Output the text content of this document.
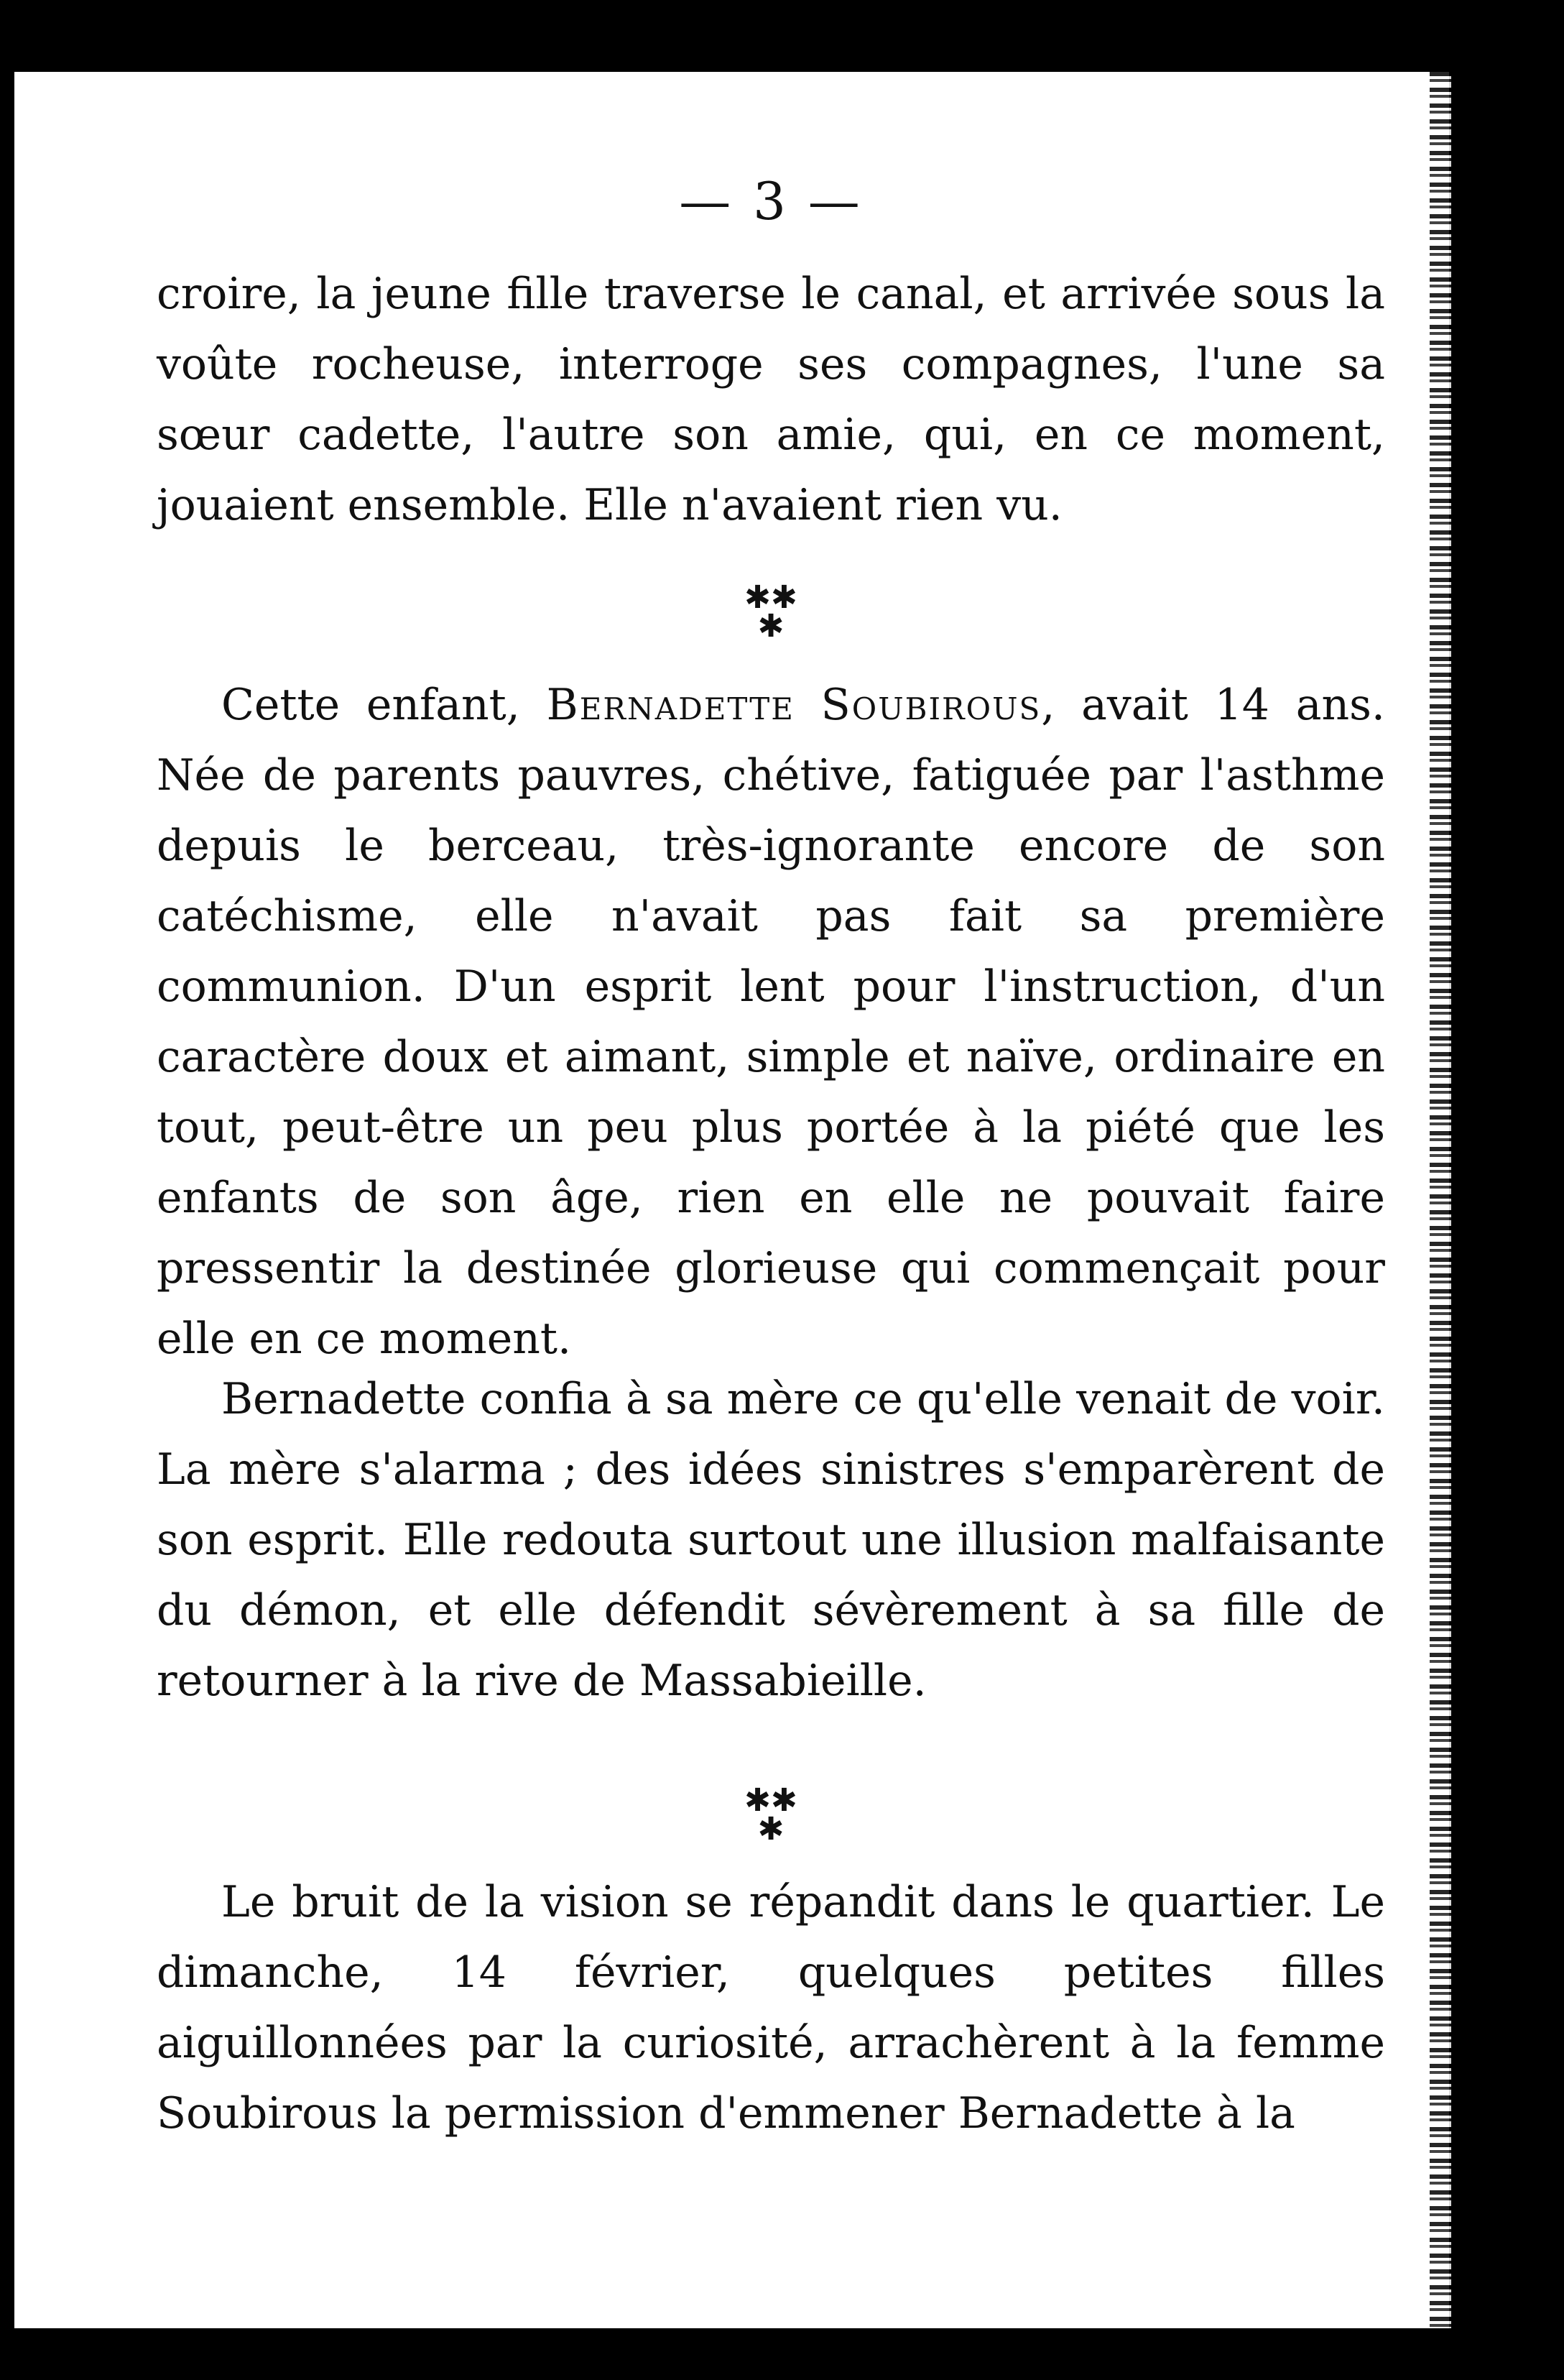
— 3 —

croire, la jeune fille traverse le canal, et arrivée sous la voûte rocheuse, interroge ses compagnes, l'une sa sœur cadette, l'autre son amie, qui, en ce moment, jouaient ensemble. Elle n'avaient rien vu.

✱✱
✱

Cette enfant, Bernadette Soubirous, avait 14 ans. Née de parents pauvres, chétive, fatiguée par l'asthme depuis le berceau, très-ignorante encore de son catéchisme, elle n'avait pas fait sa première communion. D'un esprit lent pour l'instruction, d'un caractère doux et aimant, simple et naïve, ordinaire en tout, peut-être un peu plus portée à la piété que les enfants de son âge, rien en elle ne pouvait faire pressentir la destinée glorieuse qui commençait pour elle en ce moment.

Bernadette confia à sa mère ce qu'elle venait de voir. La mère s'alarma ; des idées sinistres s'emparèrent de son esprit. Elle redouta surtout une illusion malfaisante du démon, et elle défendit sévèrement à sa fille de retourner à la rive de Massabieille.

✱✱
✱

Le bruit de la vision se répandit dans le quartier. Le dimanche, 14 février, quelques petites filles aiguillonnées par la curiosité, arrachèrent à la femme Soubirous la permission d'emmener Bernadette à la
